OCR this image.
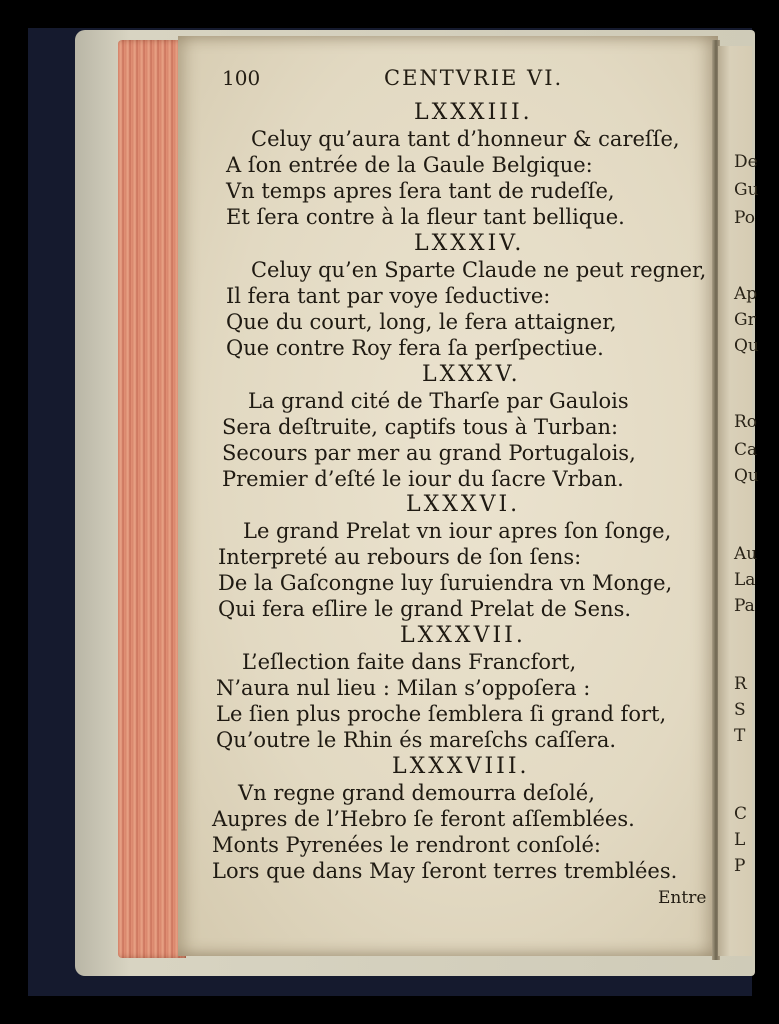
De
Gu
Po
Ap
Gr
Qu
Ro
Ca
Qu
Au
La
Pa
R
S
T
C
L
P
100	CENTVRIE VI.
LXXXIII.
Celuy qu’aura tant d’honneur & careſſe,
A ſon entrée de la Gaule Belgique:
Vn temps apres ſera tant de rudeſſe,
Et ſera contre à la fleur tant bellique.
LXXXIV.
Celuy qu’en Sparte Claude ne peut regner,
Il fera tant par voye ſeductive:
Que du court, long, le fera attaigner,
Que contre Roy fera ſa perſpectiue.
LXXXV.
La grand cité de Tharſe par Gaulois
Sera deſtruite, captifs tous à Turban:
Secours par mer au grand Portugalois,
Premier d’eſté le iour du ſacre Vrban.
LXXXVI.
Le grand Prelat vn iour apres ſon ſonge,
Interpreté au rebours de ſon ſens:
De la Gaſcongne luy ſuruiendra vn Monge,
Qui fera eſlire le grand Prelat de Sens.
LXXXVII.
L’eſlection faite dans Francfort,
N’aura nul lieu : Milan s’oppoſera :
Le ſien plus proche ſemblera ſi grand fort,
Qu’outre le Rhin és mareſchs caſſera.
LXXXVIII.
Vn regne grand demourra deſolé,
Aupres de l’Hebro ſe feront aſſemblées.
Monts Pyrenées le rendront conſolé:
Lors que dans May ſeront terres tremblées.
Entre
